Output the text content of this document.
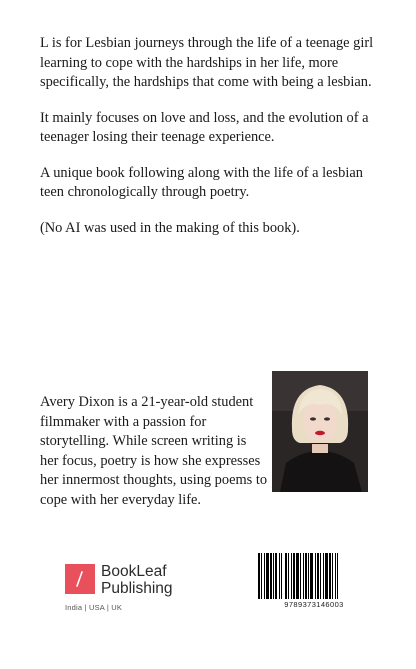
L is for Lesbian journeys through the life of a teenage girl learning to cope with the hardships in her life, more specifically, the hardships that come with being a lesbian.

It mainly focuses on love and loss, and the evolution of a teenager losing their teenage experience.

A unique book following along with the life of a lesbian teen chronologically through poetry.

(No AI was used in the making of this book).

Avery Dixon is a 21-year-old student filmmaker with a passion for storytelling. While screen writing is her focus, poetry is how she expresses her innermost thoughts, using poems to cope with her everyday life.
BookLeaf
Publishing
India | USA | UK	9789373146003
